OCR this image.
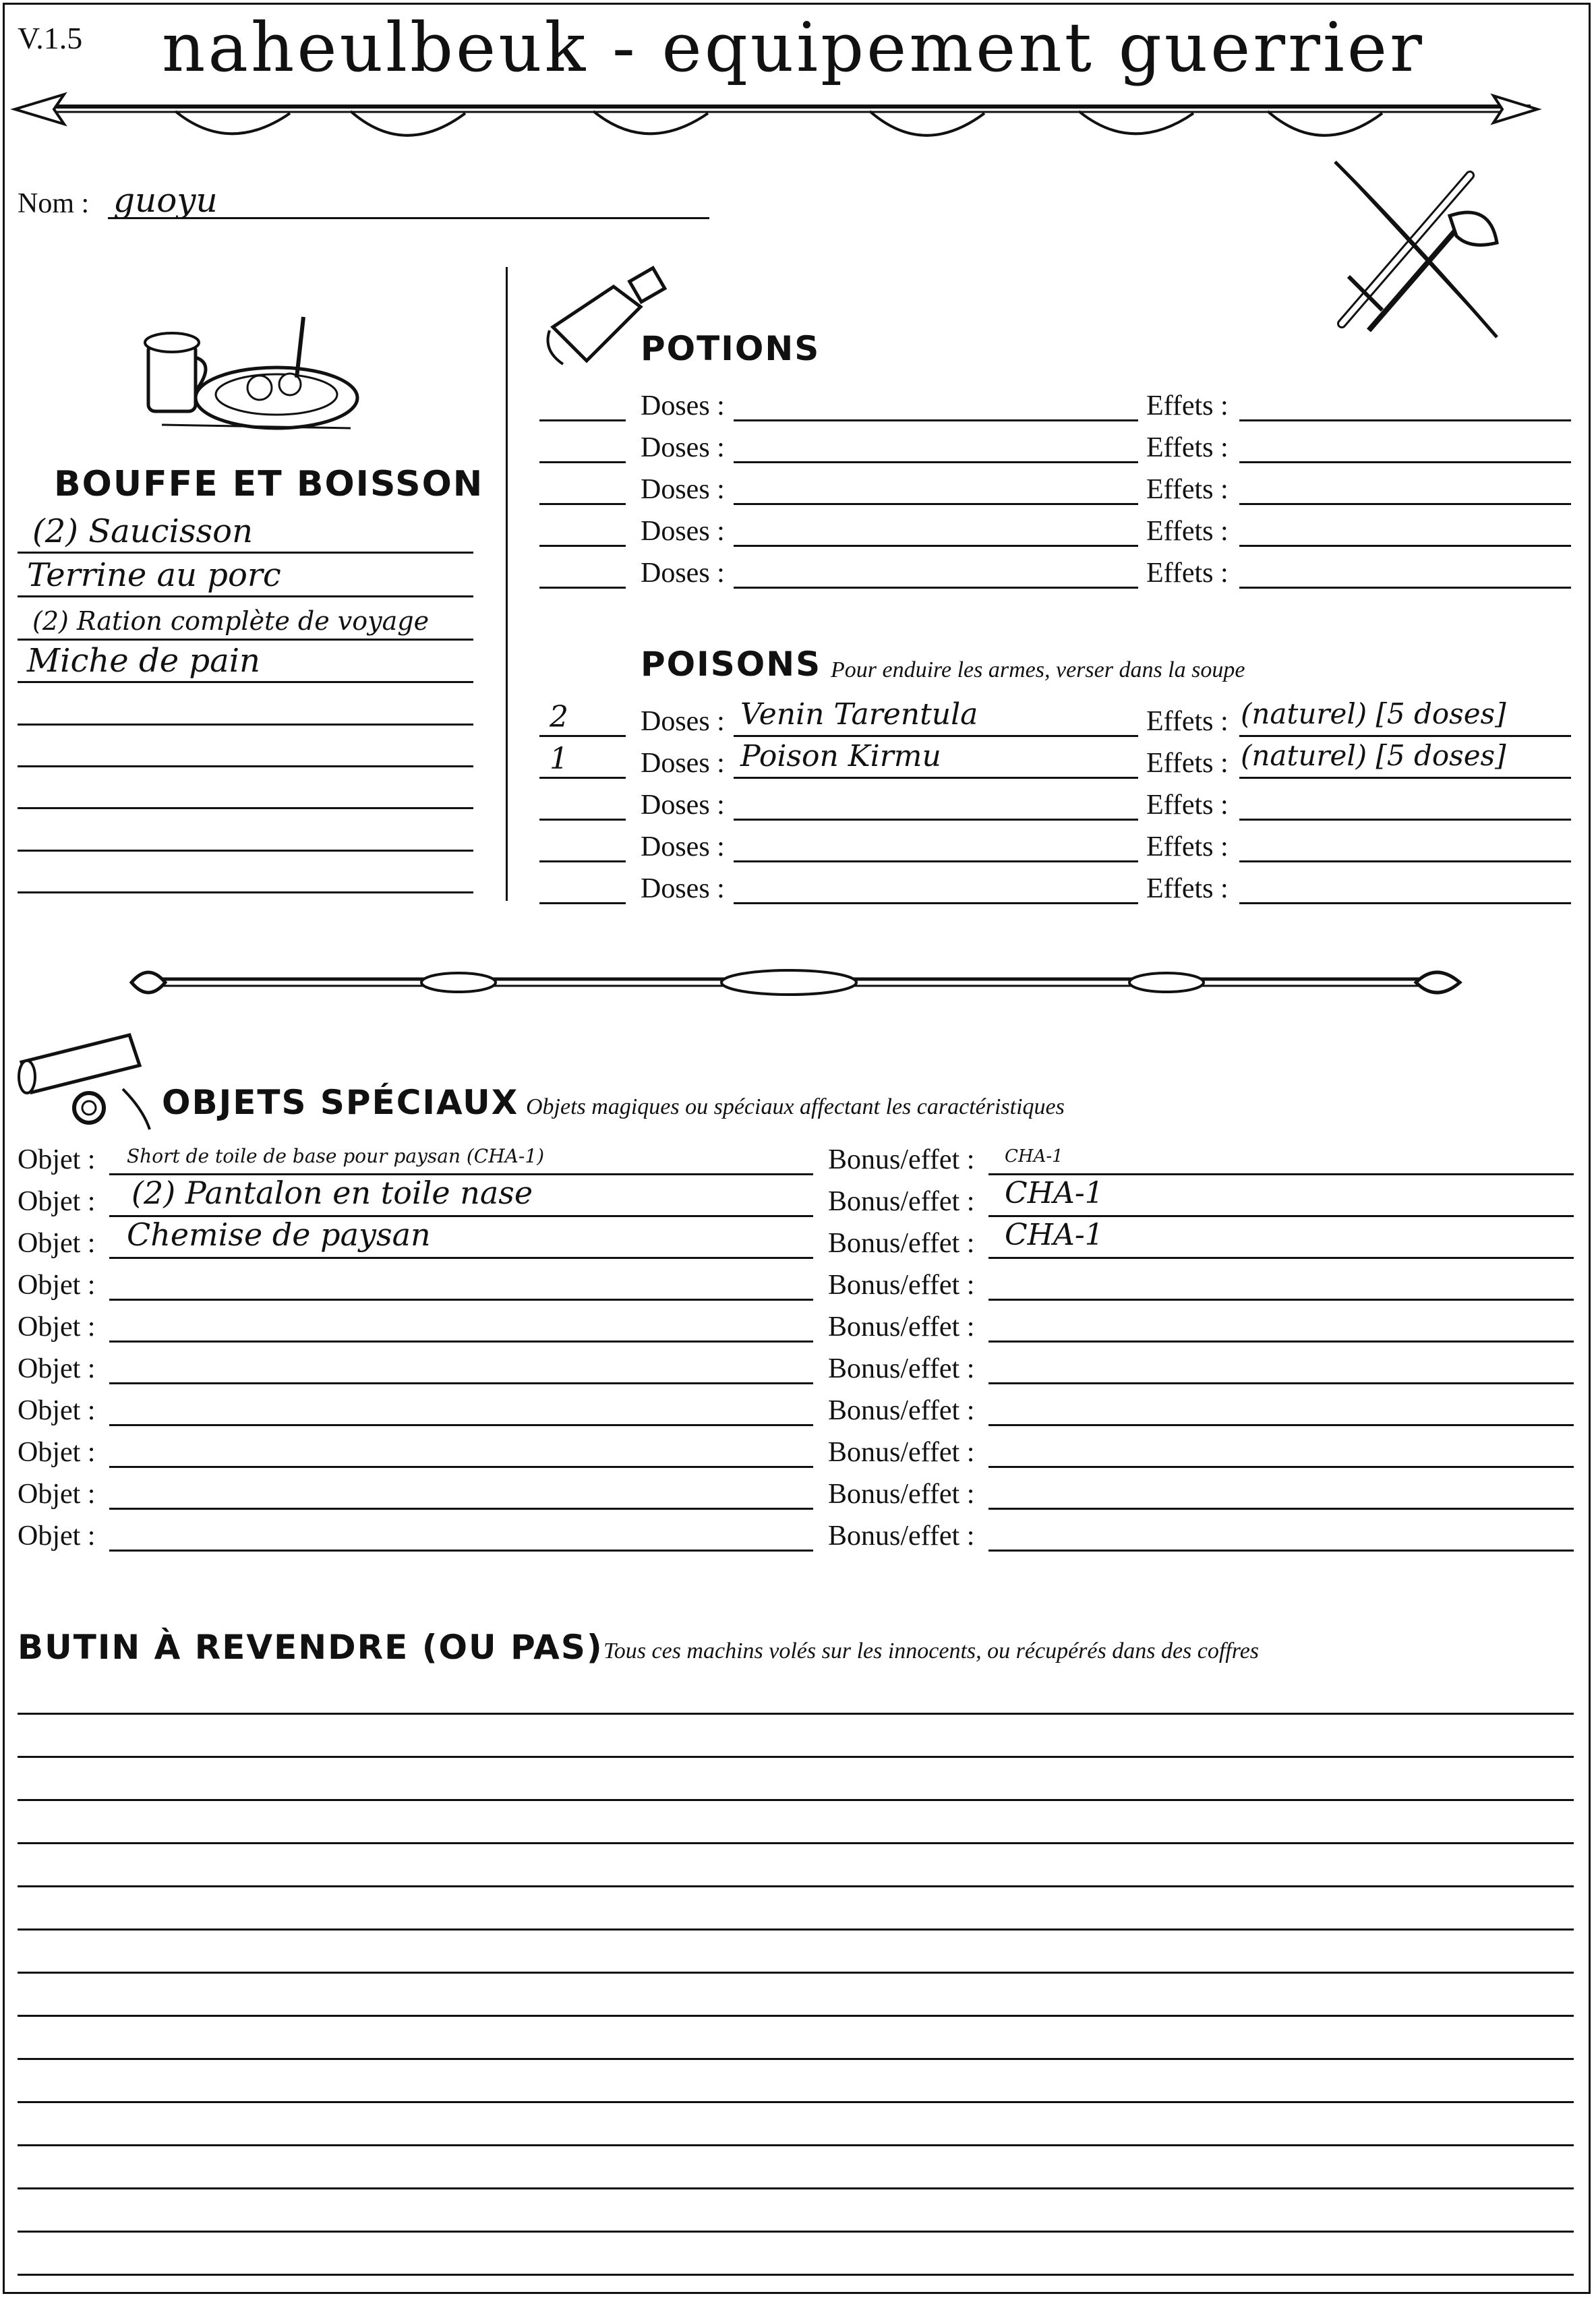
V.1.5 naheulbeuk - equipement guerrier
Nom : guoyu
BOUFFE ET BOISSON
(2) Saucisson
Terrine au porc
(2) Ration complète de voyage
Miche de pain
POTIONS
Doses :	Effets :
Doses :	Effets :
Doses :	Effets :
Doses :	Effets :
Doses :	Effets :
POISONS Pour enduire les armes, verser dans la soupe
2	Doses : Venin Tarentula	Effets : (naturel) [5 doses]
1	Doses : Poison Kirmu	Effets : (naturel) [5 doses]
Doses :	Effets :
Doses :	Effets :
Doses :	Effets :
OBJETS SPÉCIAUX Objets magiques ou spéciaux affectant les caractéristiques
Objet : Short de toile de base pour paysan (CHA-1)	Bonus/effet : CHA-1
Objet : (2) Pantalon en toile nase	Bonus/effet : CHA-1
Objet : Chemise de paysan	Bonus/effet : CHA-1
Objet :	Bonus/effet :
Objet :	Bonus/effet :
Objet :	Bonus/effet :
Objet :	Bonus/effet :
Objet :	Bonus/effet :
Objet :	Bonus/effet :
Objet :	Bonus/effet :
BUTIN À REVENDRE (OU PAS) Tous ces machins volés sur les innocents, ou récupérés dans des coffres
